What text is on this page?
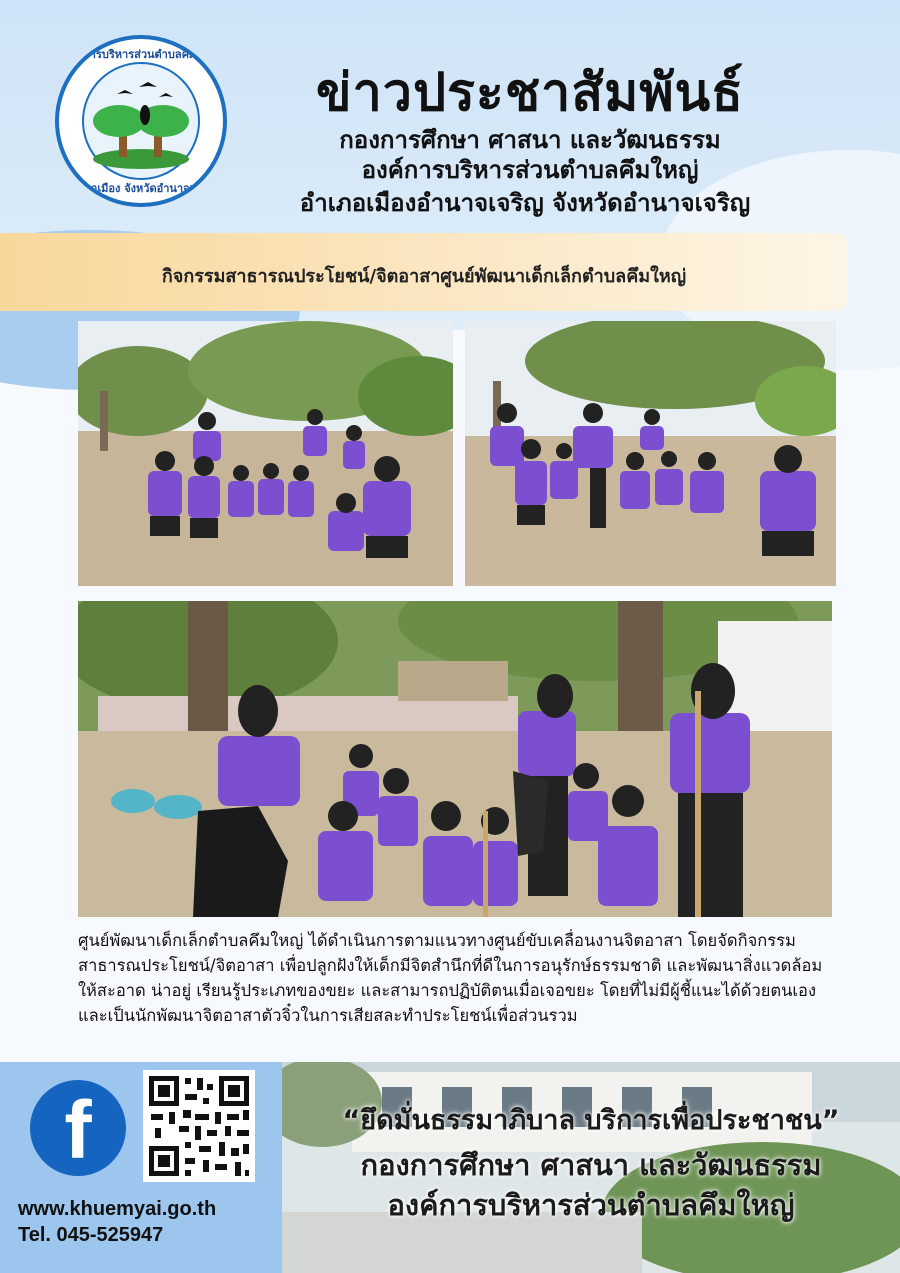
องค์การบริหารส่วนตำบลคึมใหญ่
อำเภอเมือง จังหวัดอำนาจเจริญ
ข่าวประชาสัมพันธ์
กองการศึกษา ศาสนา และวัฒนธรรม
องค์การบริหารส่วนตำบลคึมใหญ่
อำเภอเมืองอำนาจเจริญ จังหวัดอำนาจเจริญ
กิจกรรมสาธารณประโยชน์/จิตอาสาศูนย์พัฒนาเด็กเล็กตำบลคึมใหญ่
ศูนย์พัฒนาเด็กเล็กตำบลคึมใหญ่ ได้ดำเนินการตามแนวทางศูนย์ขับเคลื่อนงานจิตอาสา โดยจัดกิจกรรมสาธารณประโยชน์/จิตอาสา เพื่อปลูกฝังให้เด็กมีจิตสำนึกที่ดีในการอนุรักษ์ธรรมชาติ และพัฒนาสิ่งแวดล้อมให้สะอาด น่าอยู่ เรียนรู้ประเภทของขยะ และสามารถปฏิบัติตนเมื่อเจอขยะ โดยที่ไม่มีผู้ชี้แนะได้ด้วยตนเอง และเป็นนักพัฒนาจิตอาสาตัวจิ๋วในการเสียสละทำประโยชน์เพื่อส่วนรวม
f
www.khuemyai.go.th
Tel. 045-525947
“ยึดมั่นธรรมาภิบาล บริการเพื่อประชาชน”
กองการศึกษา ศาสนา และวัฒนธรรม
องค์การบริหารส่วนตำบลคึมใหญ่
